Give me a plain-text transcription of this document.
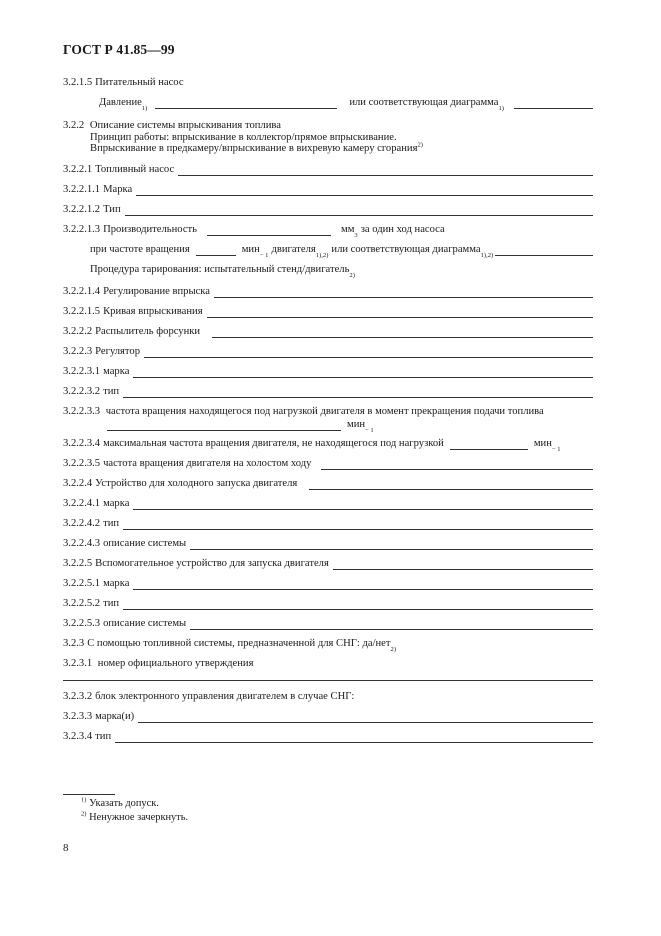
ГОСТ Р 41.85—99
3.2.1.5 Питательный насос
Давление
1)
или соответствующая диаграмма
1)
3.2.2 Описание системы впрыскивания топлива
Принцип работы: впрыскивание в коллектор/прямое впрыскивание.
Впрыскивание в предкамеру/впрыскивание в вихревую камеру сгорания$^{2)}$
3.2.2.1 Топливный насос
3.2.2.1.1 Марка
3.2.2.1.2 Тип
3.2.2.1.3 Производительность	мм
3
за один ход насоса
при частоте вращения	мин
− 1
двигателя
1),2)
или соответствующая диаграмма
1),2)
Процедура тарирования: испытательный стенд/двигатель
2)
3.2.2.1.4 Регулирование впрыска
3.2.2.1.5 Кривая впрыскивания
3.2.2.2 Распылитель форсунки
3.2.2.3 Регулятор
3.2.2.3.1 марка
3.2.2.3.2 тип
3.2.2.3.3 частота вращения находящегося под нагрузкой двигателя в момент прекращения подачи топлива
мин
− 1
3.2.2.3.4 максимальная частота вращения двигателя, не находящегося под нагрузкой	мин
− 1
3.2.2.3.5 частота вращения двигателя на холостом ходу
3.2.2.4 Устройство для холодного запуска двигателя
3.2.2.4.1 марка
3.2.2.4.2 тип
3.2.2.4.3 описание системы
3.2.2.5 Вспомогательное устройство для запуска двигателя
3.2.2.5.1 марка
3.2.2.5.2 тип
3.2.2.5.3 описание системы
3.2.3 С помощью топливной системы, предназначенной для СНГ: да/нет
2)
3.2.3.1 номер официального утверждения
3.2.3.2 блок электронного управления двигателем в случае СНГ:
3.2.3.3 марка(и)
3.2.3.4 тип
$^{1)}$ Указать допуск.
$^{2)}$ Ненужное зачеркнуть.
8
